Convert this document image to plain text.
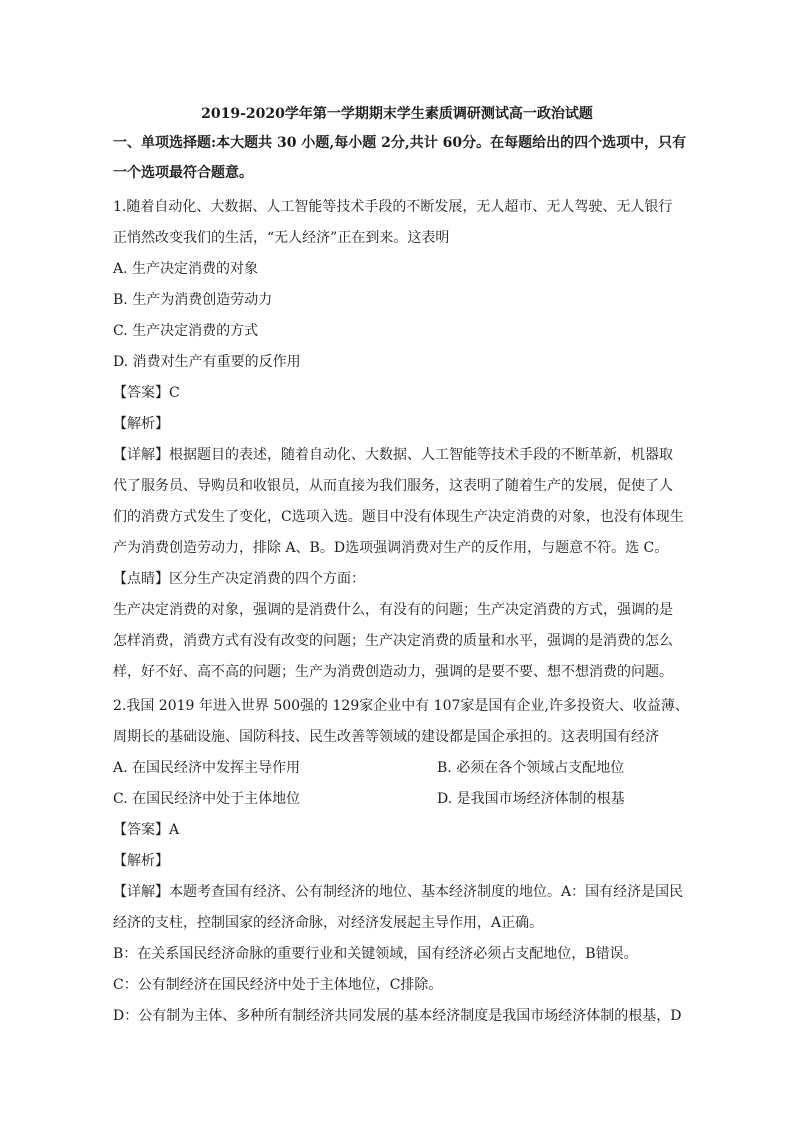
2019-2020学年第一学期期末学生素质调研测试高一政治试题
一、单项选择题:本大题共 30 小题,每小题 2分,共计 60分。在每题给出的四个选项中，只有
一个选项最符合题意。
1.随着自动化、大数据、人工智能等技术手段的不断发展，无人超市、无人驾驶、无人银行
正悄然改变我们的生活，“无人经济”正在到来。这表明
A. 生产决定消费的对象
B. 生产为消费创造劳动力
C. 生产决定消费的方式
D. 消费对生产有重要的反作用
【答案】C
【解析】
【详解】根据题目的表述，随着自动化、大数据、人工智能等技术手段的不断革新，机器取
代了服务员、导购员和收银员，从而直接为我们服务，这表明了随着生产的发展，促使了人
们的消费方式发生了变化，C选项入选。题目中没有体现生产决定消费的对象，也没有体现生
产为消费创造劳动力，排除 A、B。D选项强调消费对生产的反作用，与题意不符。选 C。
【点睛】区分生产决定消费的四个方面：
生产决定消费的对象，强调的是消费什么，有没有的问题；生产决定消费的方式，强调的是
怎样消费，消费方式有没有改变的问题；生产决定消费的质量和水平，强调的是消费的怎么
样，好不好、高不高的问题；生产为消费创造动力，强调的是要不要、想不想消费的问题。
2.我国 2019 年进入世界 500强的 129家企业中有 107家是国有企业,许多投资大、收益薄、
周期长的基础设施、国防科技、民生改善等领域的建设都是国企承担的。这表明国有经济
A. 在国民经济中发挥主导作用	B. 必须在各个领域占支配地位
C. 在国民经济中处于主体地位	D. 是我国市场经济体制的根基
【答案】A
【解析】
【详解】本题考查国有经济、公有制经济的地位、基本经济制度的地位。A：国有经济是国民
经济的支柱，控制国家的经济命脉，对经济发展起主导作用，A正确。
B：在关系国民经济命脉的重要行业和关键领域，国有经济必须占支配地位，B错误。
C：公有制经济在国民经济中处于主体地位，C排除。
D：公有制为主体、多种所有制经济共同发展的基本经济制度是我国市场经济体制的根基，D
